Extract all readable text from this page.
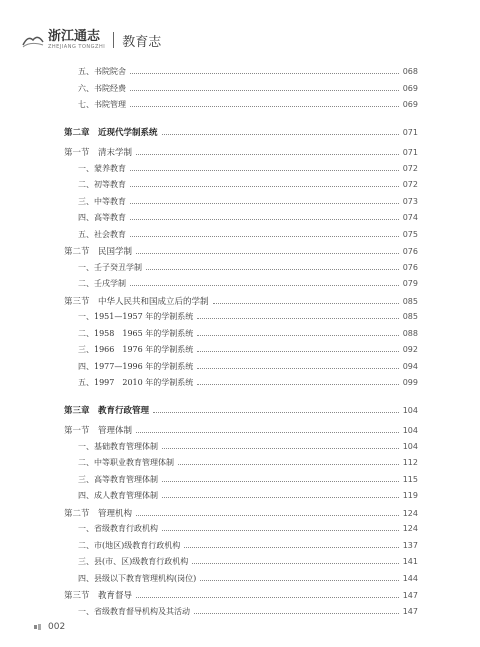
浙江通志
ZHEJIANG TONGZHI 教育志
五、书院院舍	068
六、书院经费	069
七、书院管理	069
第二章　近现代学制系统	071
第一节　清末学制	071
一、蒙养教育	072
二、初等教育	072
三、中等教育	073
四、高等教育	074
五、社会教育	075
第二节　民国学制	076
一、壬子癸丑学制	076
二、壬戌学制	079
第三节　中华人民共和国成立后的学制	085
一、1951—1957 年的学制系统	085
二、1958　1965 年的学制系统	088
三、1966　1976 年的学制系统	092
四、1977—1996 年的学制系统	094
五、1997　2010 年的学制系统	099
第三章　教育行政管理	104
第一节　管理体制	104
一、基础教育管理体制	104
二、中等职业教育管理体制	112
三、高等教育管理体制	115
四、成人教育管理体制	119
第二节　管理机构	124
一、省级教育行政机构	124
二、市(地区)级教育行政机构	137
三、县(市、区)级教育行政机构	141
四、县级以下教育管理机构(岗位)	144
第三节　教育督导	147
一、省级教育督导机构及其活动	147
002
